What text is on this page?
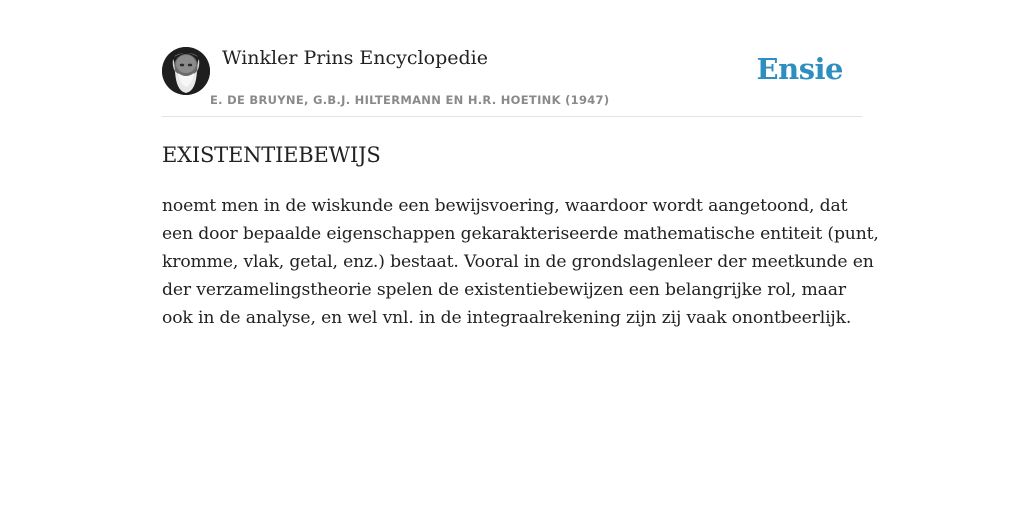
Winkler Prins Encyclopedie
E. DE BRUYNE, G.B.J. HILTERMANN EN H.R. HOETINK (1947)
Ensie
EXISTENTIEBEWIJS
noemt men in de wiskunde een bewijsvoering, waardoor wordt aangetoond, dat
een door bepaalde eigenschappen gekarakteriseerde mathematische entiteit (punt,
kromme, vlak, getal, enz.) bestaat. Vooral in de grondslagenleer der meetkunde en
der verzamelingstheorie spelen de existentiebewijzen een belangrijke rol, maar
ook in de analyse, en wel vnl. in de integraalrekening zijn zij vaak onontbeerlijk.
